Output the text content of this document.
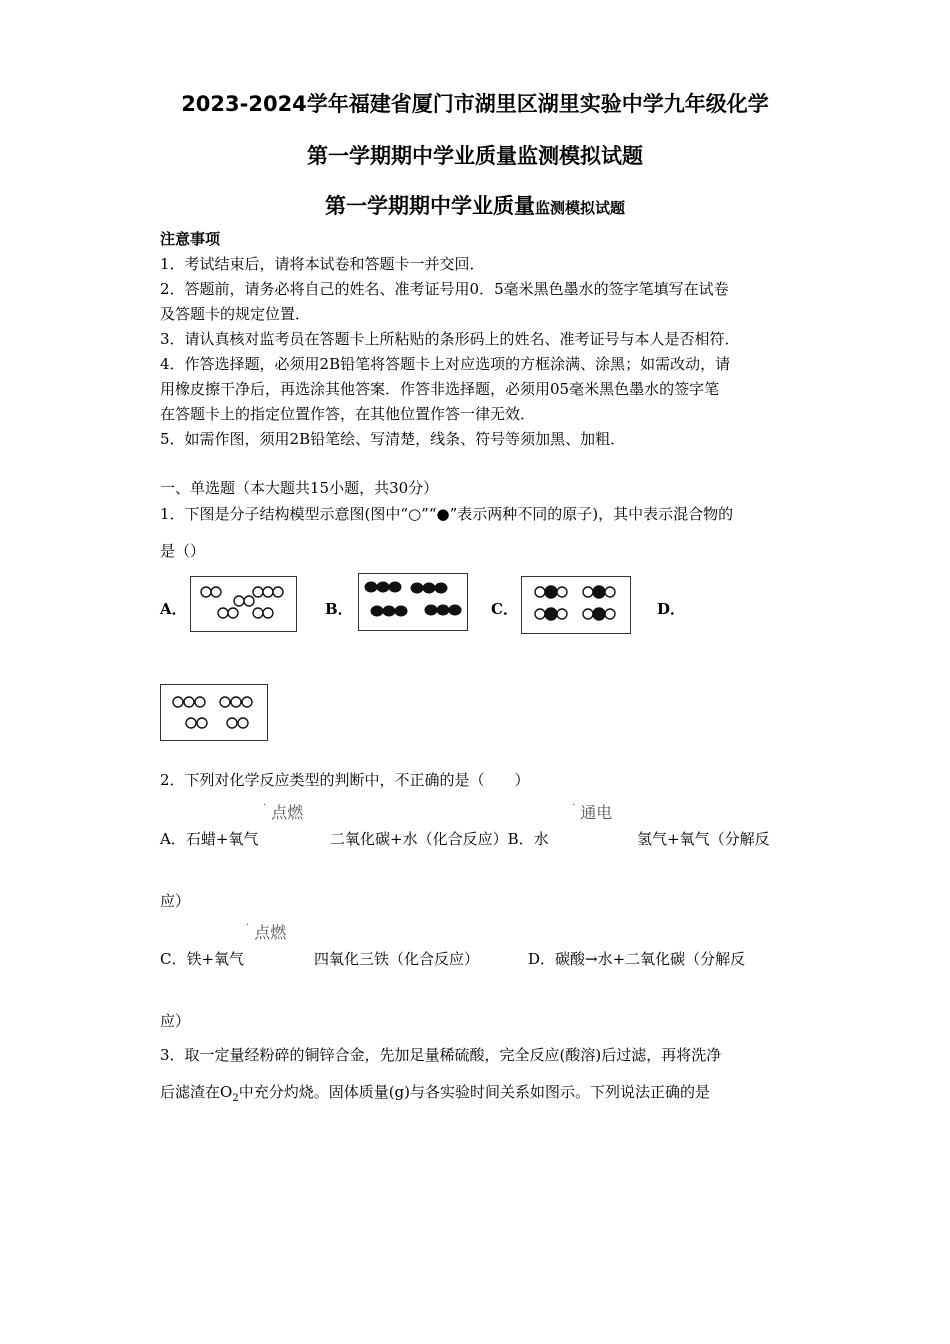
2023-2024学年福建省厦门市湖里区湖里实验中学九年级化学
第一学期期中学业质量监测模拟试题
第一学期期中学业质量监测模拟试题
注意事项
1．考试结束后，请将本试卷和答题卡一并交回．
2．答题前，请务必将自己的姓名、准考证号用0．5毫米黑色墨水的签字笔填写在试卷
及答题卡的规定位置．
3．请认真核对监考员在答题卡上所粘贴的条形码上的姓名、准考证号与本人是否相符．
4．作答选择题，必须用2B铅笔将答题卡上对应选项的方框涂满、涂黑；如需改动，请
用橡皮擦干净后，再选涂其他答案．作答非选择题，必须用05毫米黑色墨水的签字笔
在答题卡上的指定位置作答，在其他位置作答一律无效．
5．如需作图，须用2B铅笔绘、写清楚，线条、符号等须加黑、加粗．
一、单选题（本大题共15小题，共30分）
1．下图是分子结构模型示意图(图中“○”“●”表示两种不同的原子)，其中表示混合物的
是（）
A．	B．	C．	D．
2．下列对化学反应类型的判断中，不正确的是（　　）
· 点燃	· 通电
A．石蜡+氧气	二氧化碳+水（化合反应）B．水	氢气+氧气（分解反
应）
· 点燃
C．铁+氧气	四氧化三铁（化合反应）	D．碳酸→水+二氧化碳（分解反
应）
3．取一定量经粉碎的铜锌合金，先加足量稀硫酸，完全反应(酸溶)后过滤，再将洗净
后滤渣在$O_2$中充分灼烧。固体质量(g)与各实验时间关系如图示。下列说法正确的是
